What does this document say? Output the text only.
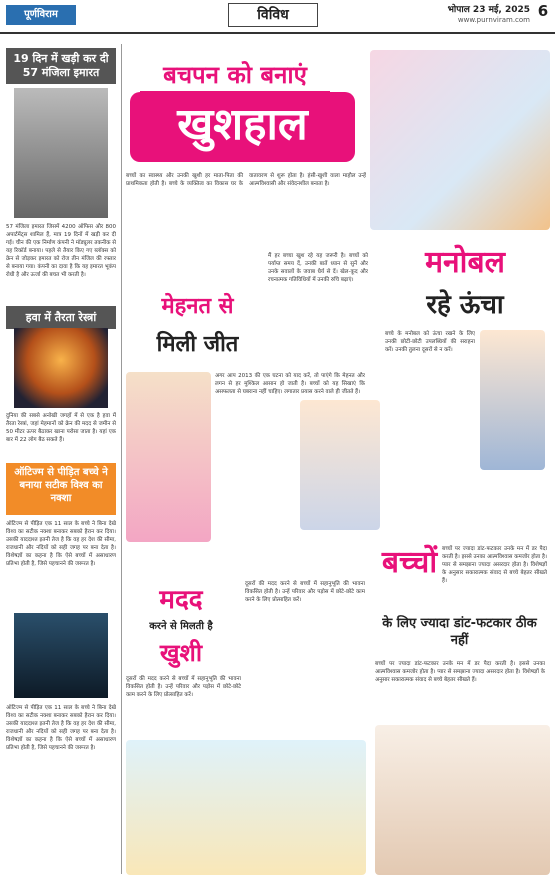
पूर्णविराम	विविध	भोपाल 23 मई, 2025
www.purnviram.com 6
19 दिन में खड़ी कर दी 57 मंजिला इमारत
57 मंजिला इमारत जिसमें 4200 ऑफिस और 800 अपार्टमेंट्स शामिल हैं, मात्र 19 दिनों में खड़ी कर दी गई। चीन की एक निर्माण कंपनी ने मॉड्यूलर तकनीक से यह रिकॉर्ड बनाया। पहले से तैयार किए गए ब्लॉक्स को क्रेन से जोड़कर इमारत को रोज तीन मंजिल की रफ्तार से बनाया गया। कंपनी का दावा है कि यह इमारत भूकंप रोधी है और ऊर्जा की बचत भी करती है।
हवा में तैरता रेस्त्रां
दुनिया की सबसे अनोखी जगहों में से एक है हवा में तैरता रेस्त्रां, जहां मेहमानों को क्रेन की मदद से जमीन से 50 मीटर ऊपर बैठाकर खाना परोसा जाता है। यहां एक बार में 22 लोग बैठ सकते हैं।
ऑटिज्म से पीड़ित बच्चे ने बनाया सटीक विश्व का नक्शा
ऑटिज्म से पीड़ित एक 11 साल के बच्चे ने बिना देखे विश्व का सटीक नक्शा बनाकर सबको हैरान कर दिया। उसकी याददाश्त इतनी तेज है कि वह हर देश की सीमा, राजधानी और नदियों को सही जगह पर बना देता है। विशेषज्ञों का कहना है कि ऐसे बच्चों में असाधारण प्रतिभा होती है, जिसे पहचानने की जरूरत है।
ऑटिज्म से पीड़ित एक 11 साल के बच्चे ने बिना देखे विश्व का सटीक नक्शा बनाकर सबको हैरान कर दिया। उसकी याददाश्त इतनी तेज है कि वह हर देश की सीमा, राजधानी और नदियों को सही जगह पर बना देता है। विशेषज्ञों का कहना है कि ऐसे बच्चों में असाधारण प्रतिभा होती है, जिसे पहचानने की जरूरत है।
बचपन को बनाएं
खुशहाल
बच्चों का स्वास्थ्य और उनकी खुशी हर माता-पिता की प्राथमिकता होती है। बच्चे के व्यक्तित्व का विकास घर के वातावरण से शुरू होता है। हंसी-खुशी वाला माहौल उन्हें आत्मविश्वासी और संवेदनशील बनाता है।
मैं हर बच्चा खुश रहे यह जरूरी है। बच्चों को पर्याप्त समय दें, उनकी बातें ध्यान से सुनें और उनके सवालों के जवाब धैर्य से दें। खेल-कूद और रचनात्मक गतिविधियों में उनकी रुचि बढ़ाएं।
मेहनत से
मिली जीत
अगर आप 2013 की एक घटना को याद करें, तो पाएंगे कि मेहनत और लगन से हर मुश्किल आसान हो जाती है। बच्चों को यह सिखाएं कि असफलता से घबराना नहीं चाहिए। लगातार प्रयास करने वाले ही जीतते हैं।
मनोबल
रहे ऊंचा
बच्चे के मनोबल को ऊंचा रखने के लिए उनकी छोटी-छोटी उपलब्धियों की सराहना करें। उनकी तुलना दूसरों से न करें।
मदद
करने से मिलती है
खुशी
दूसरों की मदद करने से बच्चों में सहानुभूति की भावना विकसित होती है। उन्हें परिवार और पड़ोस में छोटे-छोटे काम करने के लिए प्रोत्साहित करें।
दूसरों की मदद करने से बच्चों में सहानुभूति की भावना विकसित होती है। उन्हें परिवार और पड़ोस में छोटे-छोटे काम करने के लिए प्रोत्साहित करें।
बच्चों पर ज्यादा डांट-फटकार उनके मन में डर पैदा करती है। इससे उनका आत्मविश्वास कमजोर होता है। प्यार से समझाना ज्यादा असरदार होता है। विशेषज्ञों के अनुसार सकारात्मक संवाद से बच्चे बेहतर सीखते हैं।
बच्चों
के लिए ज्यादा डांट-फटकार ठीक नहीं
बच्चों पर ज्यादा डांट-फटकार उनके मन में डर पैदा करती है। इससे उनका आत्मविश्वास कमजोर होता है। प्यार से समझाना ज्यादा असरदार होता है। विशेषज्ञों के अनुसार सकारात्मक संवाद से बच्चे बेहतर सीखते हैं।
